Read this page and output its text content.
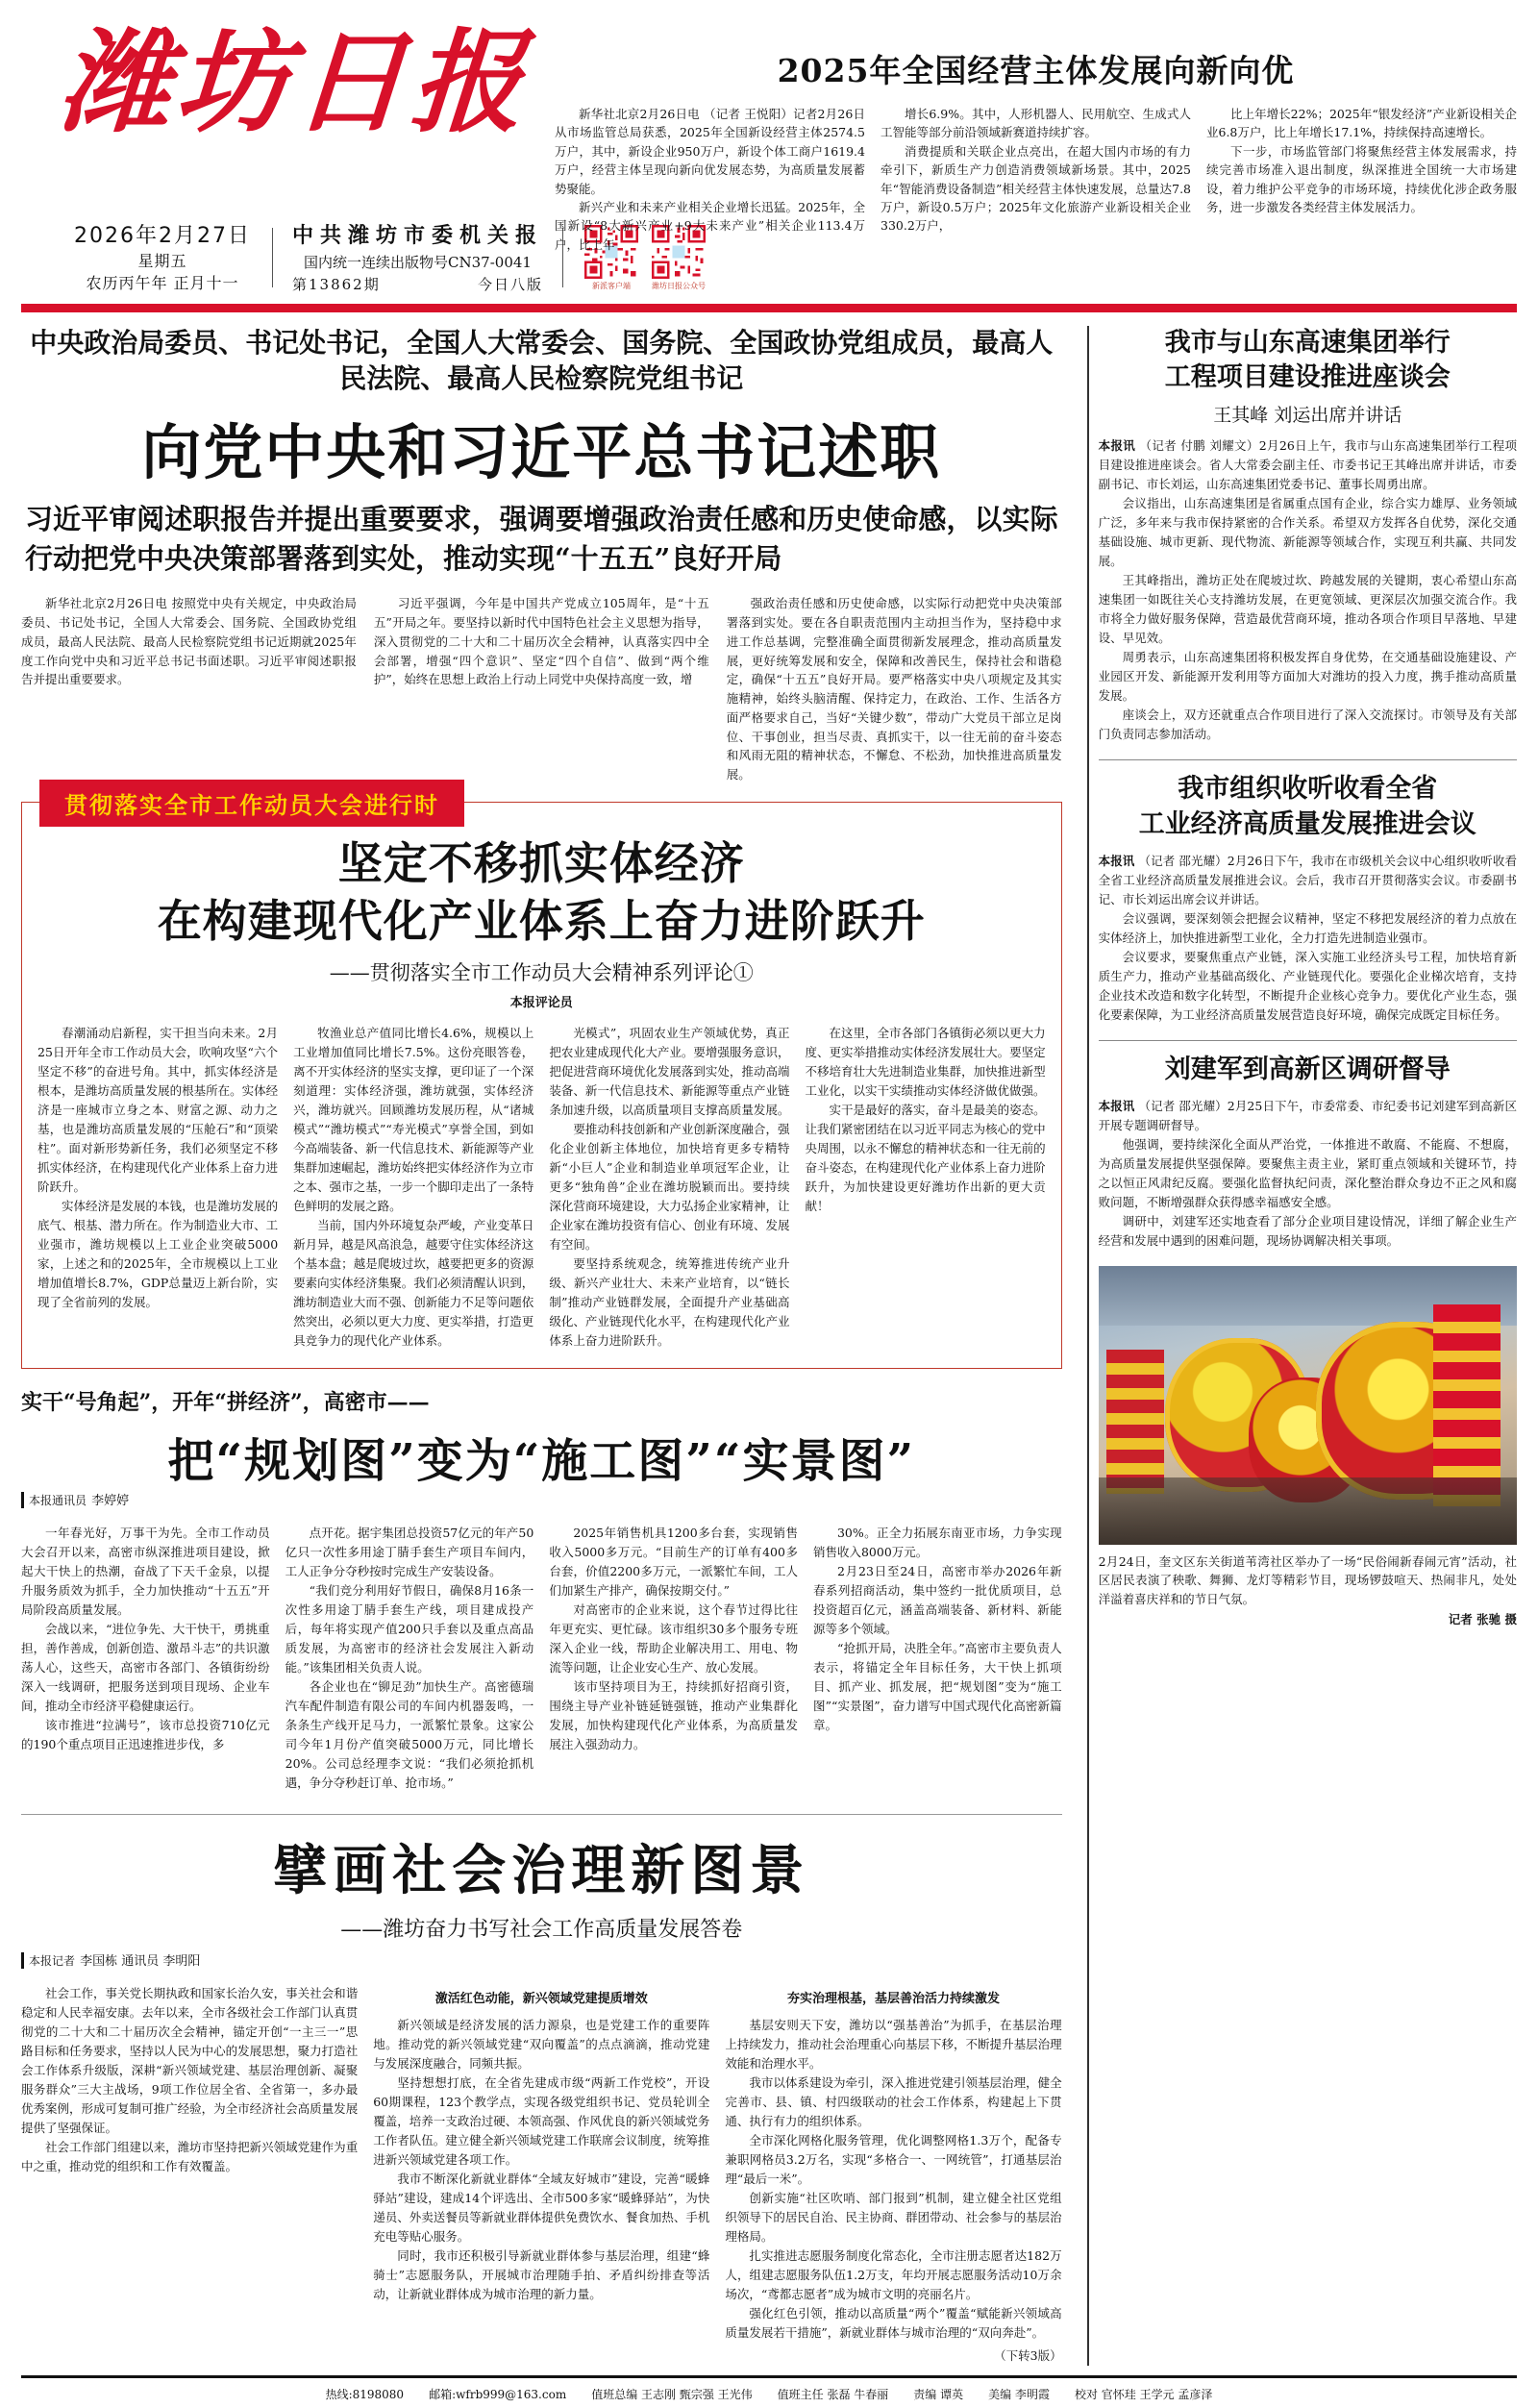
潍坊日报	2025年全国经营主体发展向新向优

新华社北京2月26日电 （记者 王悦阳）记者2月26日从市场监管总局获悉，2025年全国新设经营主体2574.5万户，其中，新设企业950万户，新设个体工商户1619.4万户，经营主体呈现向新向优发展态势，为高质量发展蓄势聚能。

新兴产业和未来产业相关企业增长迅猛。2025年，全国新设“8大新兴产业+9大未来产业”相关企业113.4万户，比上年

增长6.9%。其中，人形机器人、民用航空、生成式人工智能等部分前沿领域新赛道持续扩容。

消费提质和关联企业点亮出，在超大国内市场的有力牵引下，新质生产力创造消费领域新场景。其中，2025年“智能消费设备制造”相关经营主体快速发展，总量达7.8万户，新设0.5万户；2025年文化旅游产业新设相关企业330.2万户，

比上年增长22%；2025年“银发经济”产业新设相关企业6.8万户，比上年增长17.1%，持续保持高速增长。

下一步，市场监管部门将聚焦经营主体发展需求，持续完善市场准入退出制度，纵深推进全国统一大市场建设，着力维护公平竞争的市场环境，持续优化涉企政务服务，进一步激发各类经营主体发展活力。

2026年2月27日
星期五
农历丙午年 正月十一
中共潍坊市委机关报
国内统一连续出版物号CN37-0041
第13862期	今日八版	新派客户端	潍坊日报公众号
中央政治局委员、书记处书记，全国人大常委会、国务院、全国政协党组成员，最高人民法院、最高人民检察院党组书记
向党中央和习近平总书记述职
习近平审阅述职报告并提出重要要求，强调要增强政治责任感和历史使命感，以实际行动把党中央决策部署落到实处，推动实现“十五五”良好开局

新华社北京2月26日电 按照党中央有关规定，中央政治局委员、书记处书记，全国人大常委会、国务院、全国政协党组成员，最高人民法院、最高人民检察院党组书记近期就2025年度工作向党中央和习近平总书记书面述职。习近平审阅述职报告并提出重要要求。

习近平强调，今年是中国共产党成立105周年，是“十五五”开局之年。要坚持以新时代中国特色社会主义思想为指导，深入贯彻党的二十大和二十届历次全会精神，认真落实四中全会部署，增强“四个意识”、坚定“四个自信”、做到“两个维护”，始终在思想上政治上行动上同党中央保持高度一致，增

强政治责任感和历史使命感，以实际行动把党中央决策部署落到实处。要在各自职责范围内主动担当作为，坚持稳中求进工作总基调，完整准确全面贯彻新发展理念，推动高质量发展，更好统筹发展和安全，保障和改善民生，保持社会和谐稳定，确保“十五五”良好开局。要严格落实中央八项规定及其实施精神，始终头脑清醒、保持定力，在政治、工作、生活各方面严格要求自己，当好“关键少数”，带动广大党员干部立足岗位、干事创业，担当尽责、真抓实干，以一往无前的奋斗姿态和风雨无阻的精神状态，不懈怠、不松劲，加快推进高质量发展。

贯彻落实全市工作动员大会进行时
坚定不移抓实体经济
在构建现代化产业体系上奋力进阶跃升
——贯彻落实全市工作动员大会精神系列评论①
本报评论员

春潮涌动启新程，实干担当向未来。2月25日开年全市工作动员大会，吹响攻坚“六个坚定不移”的奋进号角。其中，抓实体经济是根本，是潍坊高质量发展的根基所在。实体经济是一座城市立身之本、财富之源、动力之基，也是潍坊高质量发展的“压舱石”和“顶梁柱”。面对新形势新任务，我们必须坚定不移抓实体经济，在构建现代化产业体系上奋力进阶跃升。

实体经济是发展的本钱，也是潍坊发展的底气、根基、潜力所在。作为制造业大市、工业强市，潍坊规模以上工业企业突破5000家，上述之和的2025年，全市规模以上工业增加值增长8.7%，GDP总量迈上新台阶，实现了全省前列的发展。

牧渔业总产值同比增长4.6%，规模以上工业增加值同比增长7.5%。这份亮眼答卷，离不开实体经济的坚实支撑，更印证了一个深刻道理：实体经济强，潍坊就强，实体经济兴，潍坊就兴。回顾潍坊发展历程，从“诸城模式”“潍坊模式”“寿光模式”享誉全国，到如今高端装备、新一代信息技术、新能源等产业集群加速崛起，潍坊始终把实体经济作为立市之本、强市之基，一步一个脚印走出了一条特色鲜明的发展之路。

当前，国内外环境复杂严峻，产业变革日新月异，越是风高浪急，越要守住实体经济这个基本盘；越是爬坡过坎，越要把更多的资源要素向实体经济集聚。我们必须清醒认识到，潍坊制造业大而不强、创新能力不足等问题依然突出，必须以更大力度、更实举措，打造更具竞争力的现代化产业体系。

光模式”，巩固农业生产领域优势，真正把农业建成现代化大产业。要增强服务意识，把促进营商环境优化发展落到实处，推动高端装备、新一代信息技术、新能源等重点产业链条加速升级，以高质量项目支撑高质量发展。

要推动科技创新和产业创新深度融合，强化企业创新主体地位，加快培育更多专精特新“小巨人”企业和制造业单项冠军企业，让更多“独角兽”企业在潍坊脱颖而出。要持续深化营商环境建设，大力弘扬企业家精神，让企业家在潍坊投资有信心、创业有环境、发展有空间。

要坚持系统观念，统筹推进传统产业升级、新兴产业壮大、未来产业培育，以“链长制”推动产业链群发展，全面提升产业基础高级化、产业链现代化水平，在构建现代化产业体系上奋力进阶跃升。

在这里，全市各部门各镇街必须以更大力度、更实举措推动实体经济发展壮大。要坚定不移培育壮大先进制造业集群，加快推进新型工业化，以实干实绩推动实体经济做优做强。

实干是最好的落实，奋斗是最美的姿态。让我们紧密团结在以习近平同志为核心的党中央周围，以永不懈怠的精神状态和一往无前的奋斗姿态，在构建现代化产业体系上奋力进阶跃升，为加快建设更好潍坊作出新的更大贡献！

实干“号角起”，开年“拼经济”，高密市——
把“规划图”变为“施工图”“实景图”
本报通讯员 李婷婷

一年春光好，万事干为先。全市工作动员大会召开以来，高密市纵深推进项目建设，掀起大干快上的热潮，奋战了下天千金泉，以提升服务质效为抓手，全力加快推动“十五五”开局阶段高质量发展。

会战以来，“进位争先、大干快干，勇挑重担，善作善成，创新创造、激昂斗志”的共识激荡人心，这些天，高密市各部门、各镇街纷纷深入一线调研，把服务送到项目现场、企业车间，推动全市经济平稳健康运行。

该市推进“拉满号”，该市总投资710亿元的190个重点项目正迅速推进步伐，多

点开花。据宇集团总投资57亿元的年产50亿只一次性多用途丁腈手套生产项目车间内，工人正争分夺秒按时完成生产安装设备。

“我们竞分利用好节假日，确保8月16条一次性多用途丁腈手套生产线，项目建成投产后，每年将实现产值200只手套以及重点高品质发展，为高密市的经济社会发展注入新动能。”该集团相关负责人说。

各企业也在“铆足劲”加快生产。高密德瑞汽车配件制造有限公司的车间内机器轰鸣，一条条生产线开足马力，一派繁忙景象。这家公司今年1月份产值突破5000万元，同比增长20%。公司总经理李文说：“我们必须抢抓机遇，争分夺秒赶订单、抢市场。”

2025年销售机具1200多台套，实现销售收入5000多万元。“目前生产的订单有400多台套，价值2200多万元，一派繁忙车间，工人们加紧生产排产，确保按期交付。”

对高密市的企业来说，这个春节过得比往年更充实、更忙碌。该市组织30多个服务专班深入企业一线，帮助企业解决用工、用电、物流等问题，让企业安心生产、放心发展。

该市坚持项目为王，持续抓好招商引资，围绕主导产业补链延链强链，推动产业集群化发展，加快构建现代化产业体系，为高质量发展注入强劲动力。

30%。正全力拓展东南亚市场，力争实现销售收入8000万元。

2月23日至24日，高密市举办2026年新春系列招商活动，集中签约一批优质项目，总投资超百亿元，涵盖高端装备、新材料、新能源等多个领域。

“抢抓开局，决胜全年。”高密市主要负责人表示，将锚定全年目标任务，大干快上抓项目、抓产业、抓发展，把“规划图”变为“施工图”“实景图”，奋力谱写中国式现代化高密新篇章。

擘画社会治理新图景
——潍坊奋力书写社会工作高质量发展答卷
本报记者 李国栋 通讯员 李明阳

社会工作，事关党长期执政和国家长治久安，事关社会和谐稳定和人民幸福安康。去年以来，全市各级社会工作部门认真贯彻党的二十大和二十届历次全会精神，锚定开创“一主三一”思路目标和任务要求，坚持以人民为中心的发展思想，聚力打造社会工作体系升级版，深耕“新兴领域党建、基层治理创新、凝聚服务群众”三大主战场，9项工作位居全省、全省第一，多办最优秀案例，形成可复制可推广经验，为全市经济社会高质量发展提供了坚强保证。

社会工作部门组建以来，潍坊市坚持把新兴领域党建作为重中之重，推动党的组织和工作有效覆盖。

激活红色动能，新兴领域党建提质增效

新兴领域是经济发展的活力源泉，也是党建工作的重要阵地。推动党的新兴领域党建“双向覆盖”的点点滴滴，推动党建与发展深度融合，同频共振。

坚持想想打底，在全省先建成市级“两新工作党校”，开设60期课程，123个教学点，实现各级党组织书记、党员轮训全覆盖，培养一支政治过硬、本领高强、作风优良的新兴领域党务工作者队伍。建立健全新兴领域党建工作联席会议制度，统筹推进新兴领域党建各项工作。

我市不断深化新就业群体“全域友好城市”建设，完善“暖蜂驿站”建设，建成14个评选出、全市500多家“暖蜂驿站”，为快递员、外卖送餐员等新就业群体提供免费饮水、餐食加热、手机充电等贴心服务。

同时，我市还积极引导新就业群体参与基层治理，组建“蜂骑士”志愿服务队，开展城市治理随手拍、矛盾纠纷排查等活动，让新就业群体成为城市治理的新力量。

夯实治理根基，基层善治活力持续激发

基层安则天下安，潍坊以“强基善治”为抓手，在基层治理上持续发力，推动社会治理重心向基层下移，不断提升基层治理效能和治理水平。

我市以体系建设为牵引，深入推进党建引领基层治理，健全完善市、县、镇、村四级联动的社会工作体系，构建起上下贯通、执行有力的组织体系。

全市深化网格化服务管理，优化调整网格1.3万个，配备专兼职网格员3.2万名，实现“多格合一、一网统管”，打通基层治理“最后一米”。

创新实施“社区吹哨、部门报到”机制，建立健全社区党组织领导下的居民自治、民主协商、群团带动、社会参与的基层治理格局。

扎实推进志愿服务制度化常态化，全市注册志愿者达182万人，组建志愿服务队伍1.2万支，年均开展志愿服务活动10万余场次，“鸢都志愿者”成为城市文明的亮丽名片。

强化红色引领，推动以高质量“两个”覆盖“赋能新兴领域高质量发展若干措施”，新就业群体与城市治理的“双向奔赴”。

（下转3版）
我市与山东高速集团举行
工程项目建设推进座谈会
王其峰 刘运出席并讲话
本报讯 （记者 付鹏 刘耀文）2月26日上午，我市与山东高速集团举行工程项目建设推进座谈会。省人大常委会副主任、市委书记王其峰出席并讲话，市委副书记、市长刘运，山东高速集团党委书记、董事长周勇出席。

会议指出，山东高速集团是省属重点国有企业，综合实力雄厚、业务领域广泛，多年来与我市保持紧密的合作关系。希望双方发挥各自优势，深化交通基础设施、城市更新、现代物流、新能源等领域合作，实现互利共赢、共同发展。

王其峰指出，潍坊正处在爬坡过坎、跨越发展的关键期，衷心希望山东高速集团一如既往关心支持潍坊发展，在更宽领域、更深层次加强交流合作。我市将全力做好服务保障，营造最优营商环境，推动各项合作项目早落地、早建设、早见效。

周勇表示，山东高速集团将积极发挥自身优势，在交通基础设施建设、产业园区开发、新能源开发利用等方面加大对潍坊的投入力度，携手推动高质量发展。

座谈会上，双方还就重点合作项目进行了深入交流探讨。市领导及有关部门负责同志参加活动。

我市组织收听收看全省
工业经济高质量发展推进会议
本报讯 （记者 邵光耀）2月26日下午，我市在市级机关会议中心组织收听收看全省工业经济高质量发展推进会议。会后，我市召开贯彻落实会议。市委副书记、市长刘运出席会议并讲话。

会议强调，要深刻领会把握会议精神，坚定不移把发展经济的着力点放在实体经济上，加快推进新型工业化，全力打造先进制造业强市。

会议要求，要聚焦重点产业链，深入实施工业经济头号工程，加快培育新质生产力，推动产业基础高级化、产业链现代化。要强化企业梯次培育，支持企业技术改造和数字化转型，不断提升企业核心竞争力。要优化产业生态，强化要素保障，为工业经济高质量发展营造良好环境，确保完成既定目标任务。

刘建军到高新区调研督导
本报讯 （记者 邵光耀）2月25日下午，市委常委、市纪委书记刘建军到高新区开展专题调研督导。

他强调，要持续深化全面从严治党，一体推进不敢腐、不能腐、不想腐，为高质量发展提供坚强保障。要聚焦主责主业，紧盯重点领域和关键环节，持之以恒正风肃纪反腐。要强化监督执纪问责，深化整治群众身边不正之风和腐败问题，不断增强群众获得感幸福感安全感。

调研中，刘建军还实地查看了部分企业项目建设情况，详细了解企业生产经营和发展中遇到的困难问题，现场协调解决相关事项。

2月24日，奎文区东关街道苇湾社区举办了一场“民俗闹新春闹元宵”活动，社区居民表演了秧歌、舞狮、龙灯等精彩节目，现场锣鼓喧天、热闹非凡，处处洋溢着喜庆祥和的节日气氛。
记者 张驰 摄
热线:8198080 邮箱:wfrb999@163.com 值班总编 王志刚 甄宗强 王光伟 值班主任 张磊 牛春丽 责编 谭英 美编 李明霞 校对 官怀珪 王学元 孟彦泽
